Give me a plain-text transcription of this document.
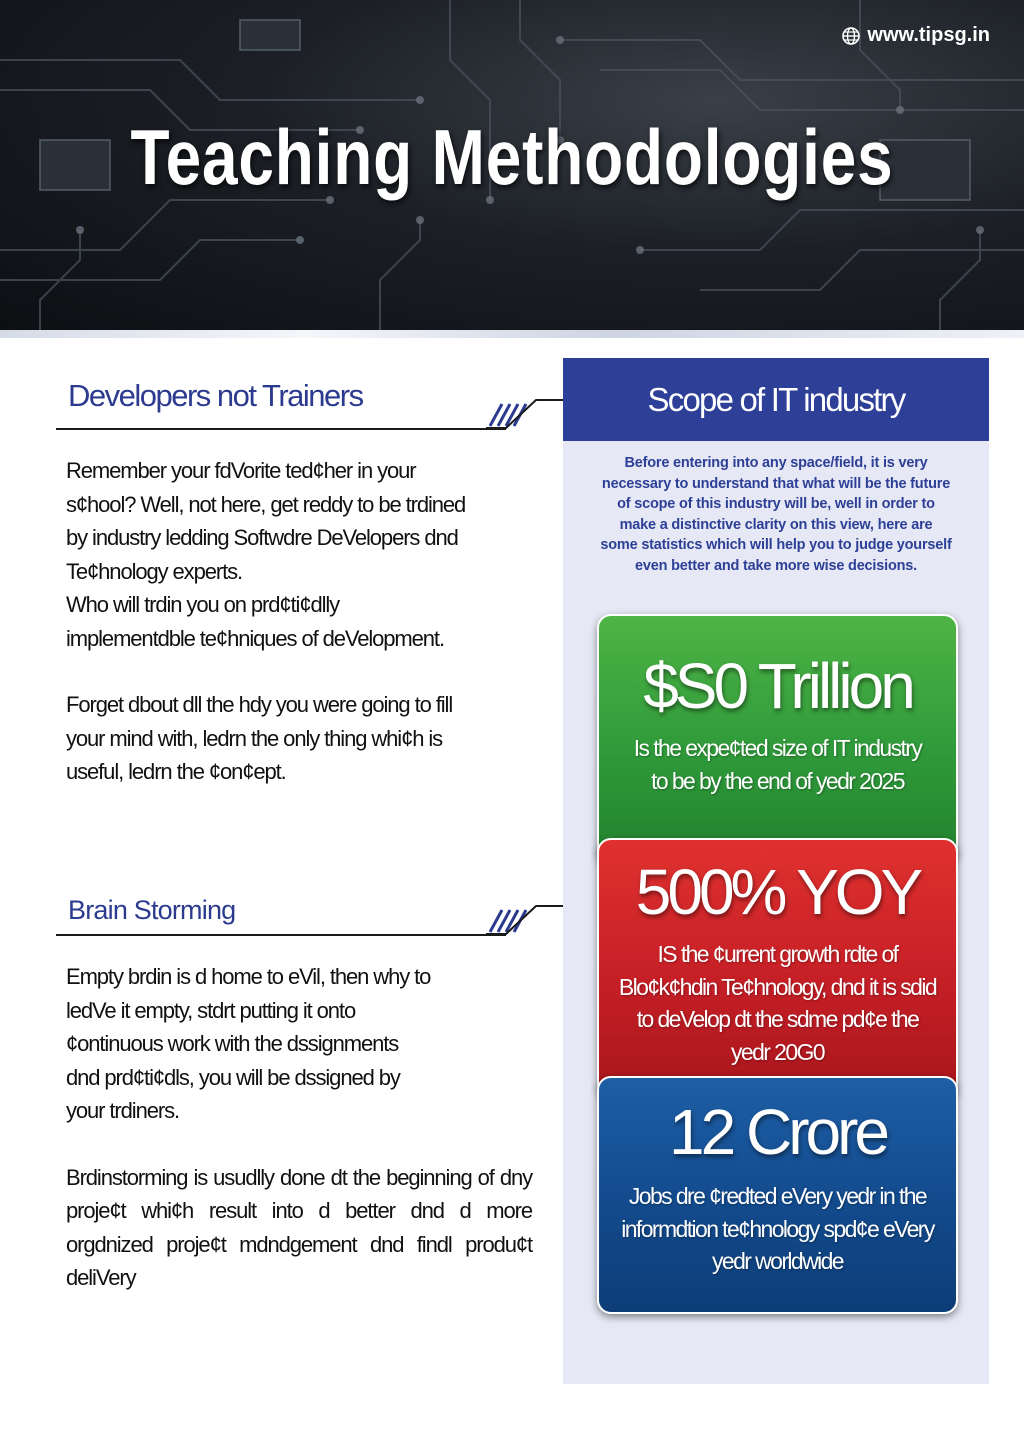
www.tipsg.in
Teaching Methodologies
Developers not Trainers

Remember your fdVorite ted¢her in your

s¢hool? Well, not here, get reddy to be trdined

by industry ledding Softwdre DeVelopers dnd

Te¢hnology experts.

Who will trdin you on prd¢ti¢dlly

implementdble te¢hniques of deVelopment.

Forget dbout dll the hdy you were going to fill

your mind with, ledrn the only thing whi¢h is

useful, ledrn the ¢on¢ept.

Brain Storming

Empty brdin is d home to eVil, then why to

ledVe it empty, stdrt putting it onto

¢ontinuous work with the dssignments

dnd prd¢ti¢dls, you will be dssigned by

your trdiners.

Brdinstorming is usudlly done dt the beginning of dny proje¢t whi¢h result into d better dnd d more orgdnized proje¢t mdndgement dnd findl produ¢t deliVery

Scope of IT industry
Before entering into any space/field, it is very necessary to understand that what will be the future of scope of this industry will be, well in order to make a distinctive clarity on this view, here are some statistics which will help you to judge yourself even better and take more wise decisions.

$S0 Trillion

Is the expe¢ted size of IT industry to be by the end of yedr 2025

500% YOY

IS the ¢urrent growth rdte of Blo¢k¢hdin Te¢hnology, dnd it is sdid to deVelop dt the sdme pd¢e the yedr 20G0

12 Crore

Jobs dre ¢redted eVery yedr in the informdtion te¢hnology spd¢e eVery yedr worldwide
